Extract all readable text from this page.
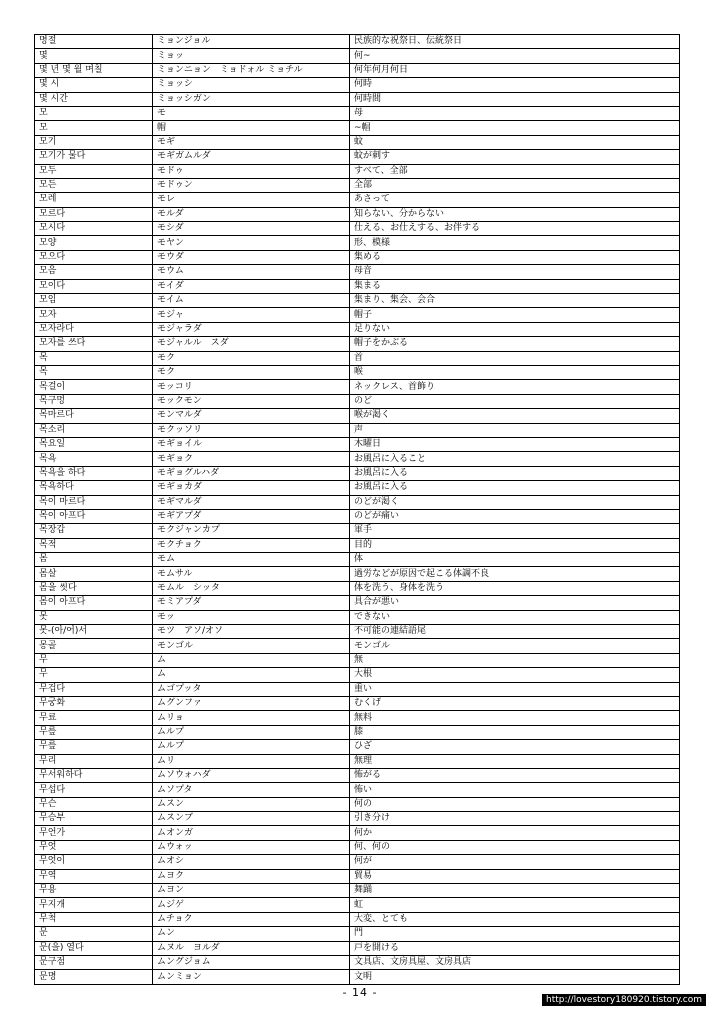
명절	ミョンジョル	民族的な祝祭日、伝統祭日
몇	ミョッ	何~
몇 년 몇 월 며칠	ミョンニョン　ミョドォル ミョチル	何年何月何日
몇 시	ミョッシ	何時
몇 시간	ミョッシガン	何時間
모	モ	母
모	帽	~帽
모기	モギ	蚊
모기가 물다	モギガムルダ	蚊が刺す
모두	モドゥ	すべて、全部
모든	モドゥン	全部
모레	モレ	あさって
모르다	モルダ	知らない、分からない
모시다	モシダ	仕える、お仕えする、お伴する
모양	モヤン	形、模様
모으다	モウダ	集める
모음	モウム	母音
모이다	モイダ	集まる
모임	モイム	集まり、集会、会合
모자	モジャ	帽子
모자라다	モジャラダ	足りない
모자를 쓰다	モジャルル　スダ	帽子をかぶる
목	モク	首
목	モク	喉
목걸이	モッコリ	ネックレス、首飾り
목구멍	モックモン	のど
목마르다	モンマルダ	喉が渇く
목소리	モクッソリ	声
목요일	モギョイル	木曜日
목욕	モギョク	お風呂に入ること
목욕을 하다	モギョグルハダ	お風呂に入る
목욕하다	モギョカダ	お風呂に入る
목이 마르다	モギマルダ	のどが渇く
목이 아프다	モギアプダ	のどが痛い
목장갑	モクジャンカプ	軍手
목적	モクチョク	目的
몸	モム	体
몸살	モムサル	過労などが原因で起こる体調不良
몸을 씻다	モムル　シッタ	体を洗う、身体を洗う
몸이 아프다	モミアプダ	具合が悪い
못	モッ	できない
못-(아/어)서	モツ　アソ/オソ	不可能の連結語尾
몽골	モンゴル	モンゴル
무	ム	無
무	ム	大根
무겁다	ムゴプッタ	重い
무궁화	ムグンファ	むくげ
무료	ムリョ	無料
무릎	ムルプ	膝
무릎	ムルプ	ひざ
무리	ムリ	無理
무서워하다	ムソウォハダ	怖がる
무섭다	ムソプタ	怖い
무슨	ムスン	何の
무승부	ムスンブ	引き分け
무언가	ムオンガ	何か
무엇	ムウォッ	何、何の
무엇이	ムオシ	何が
무역	ムヨク	貿易
무용	ムヨン	舞踊
무지개	ムジゲ	虹
무척	ムチョク	大変、とても
문	ムン	門
문(을) 열다	ムヌル　ヨルダ	戸を開ける
문구점	ムングジョム	文具店、文房具屋、文房具店
문명	ムンミョン	文明
- 14 -
http://lovestory180920.tistory.com
